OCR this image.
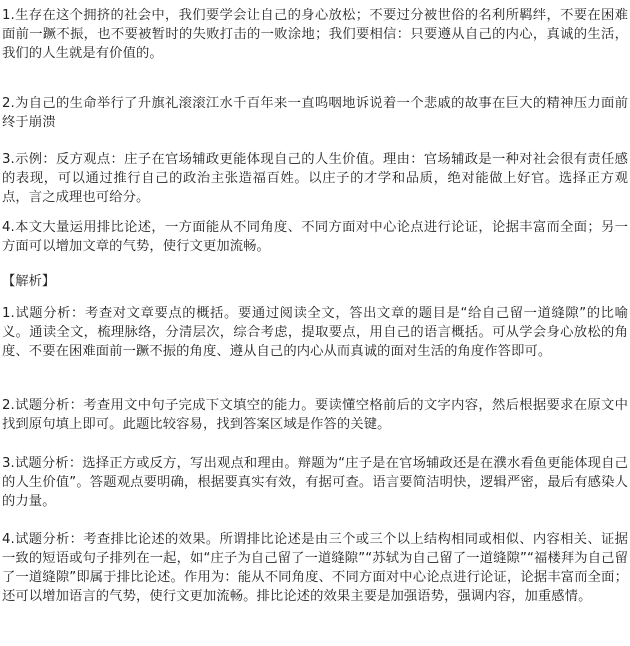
1.生存在这个拥挤的社会中，我们要学会让自己的身心放松；不要过分被世俗的名利所羁绊，不要在困难面前一蹶不振，也不要被暂时的失败打击的一败涂地；我们要相信：只要遵从自己的内心，真诚的生活，我们的人生就是有价值的。

2.为自己的生命举行了升旗礼滚滚江水千百年来一直呜咽地诉说着一个悲戚的故事在巨大的精神压力面前终于崩溃

3.示例：反方观点：庄子在官场辅政更能体现自己的人生价值。理由：官场辅政是一种对社会很有责任感的表现，可以通过推行自己的政治主张造福百姓。以庄子的才学和品质，绝对能做上好官。选择正方观点，言之成理也可给分。

4.本文大量运用排比论述，一方面能从不同角度、不同方面对中心论点进行论证，论据丰富而全面；另一方面可以增加文章的气势，使行文更加流畅。

【解析】

1.试题分析：考查对文章要点的概括。要通过阅读全文，答出文章的题目是“给自己留一道缝隙”的比喻义。通读全文，梳理脉络，分清层次，综合考虑，提取要点，用自己的语言概括。可从学会身心放松的角度、不要在困难面前一蹶不振的角度、遵从自己的内心从而真诚的面对生活的角度作答即可。

2.试题分析：考查用文中句子完成下文填空的能力。要读懂空格前后的文字内容，然后根据要求在原文中找到原句填上即可。此题比较容易，找到答案区域是作答的关键。

3.试题分析：选择正方或反方，写出观点和理由。辩题为“庄子是在官场辅政还是在濮水看鱼更能体现自己的人生价值”。答题观点要明确，根据要真实有效，有据可查。语言要简洁明快，逻辑严密，最后有感染人的力量。

4.试题分析：考查排比论述的效果。所谓排比论述是由三个或三个以上结构相同或相似、内容相关、证据一致的短语或句子排列在一起，如“庄子为自己留了一道缝隙”“苏轼为自己留了一道缝隙”“福楼拜为自己留了一道缝隙”即属于排比论述。作用为：能从不同角度、不同方面对中心论点进行论证，论据丰富而全面；还可以增加语言的气势，使行文更加流畅。排比论述的效果主要是加强语势，强调内容，加重感情。
